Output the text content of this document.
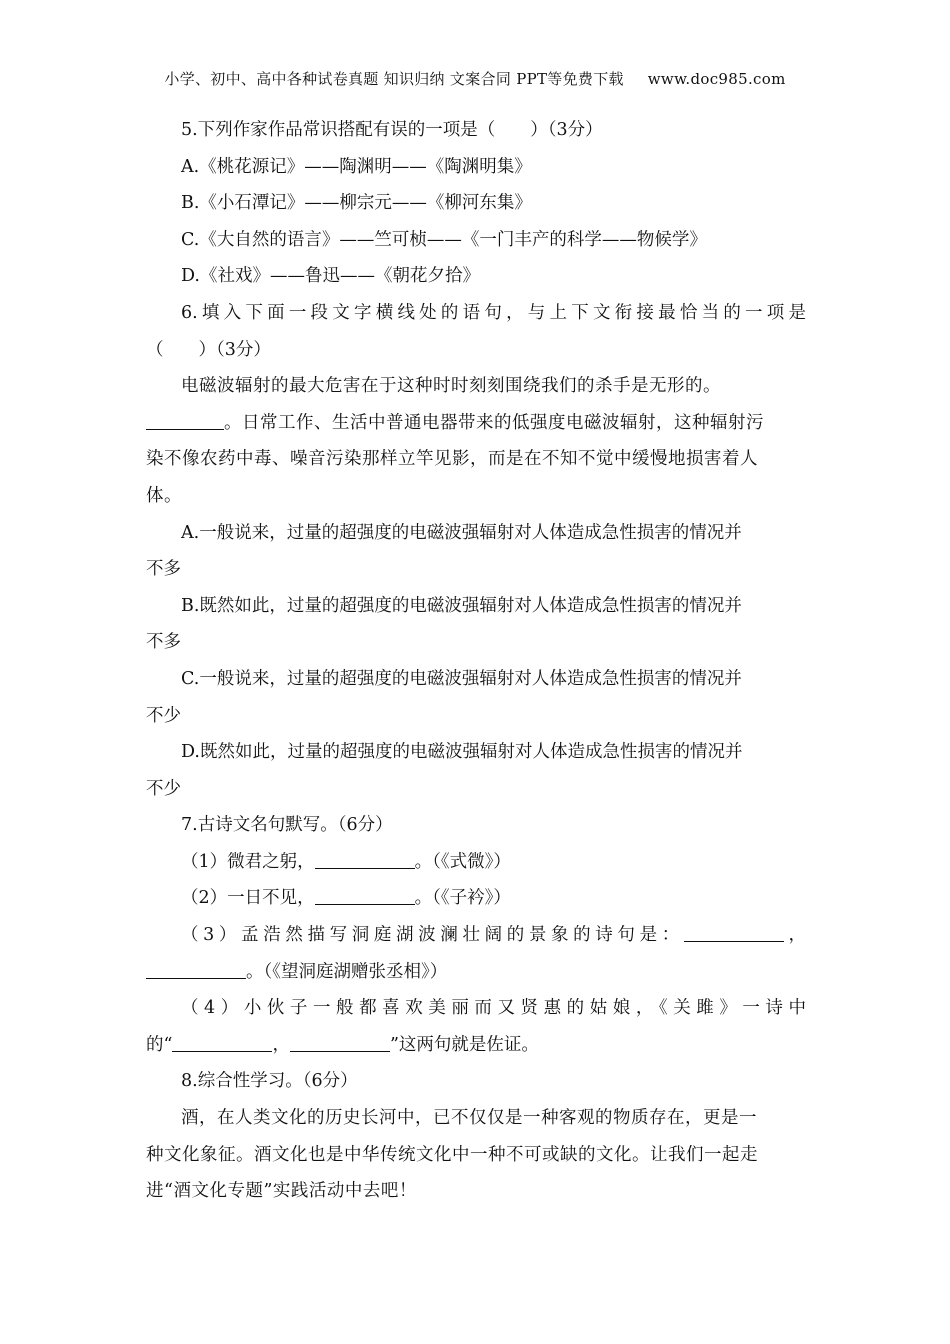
小学、初中、高中各种试卷真题 知识归纳 文案合同 PPT等免费下载 www.doc985.com
5.下列作家作品常识搭配有误的一项是（　　）（3分）
A.《桃花源记》——陶渊明——《陶渊明集》
B.《小石潭记》——柳宗元——《柳河东集》
C.《大自然的语言》——竺可桢——《一门丰产的科学——物候学》
D.《社戏》——鲁迅——《朝花夕拾》
6.填入下面一段文字横线处的语句，与上下文衔接最恰当的一项是
（　　）（3分）
电磁波辐射的最大危害在于这种时时刻刻围绕我们的杀手是无形的。
。日常工作、生活中普通电器带来的低强度电磁波辐射，这种辐射污
染不像农药中毒、噪音污染那样立竿见影，而是在不知不觉中缓慢地损害着人
体。
A.一般说来，过量的超强度的电磁波强辐射对人体造成急性损害的情况并
不多
B.既然如此，过量的超强度的电磁波强辐射对人体造成急性损害的情况并
不多
C.一般说来，过量的超强度的电磁波强辐射对人体造成急性损害的情况并
不少
D.既然如此，过量的超强度的电磁波强辐射对人体造成急性损害的情况并
不少
7.古诗文名句默写。（6分）
（1）微君之躬，	。（《式微》）
（2）一日不见，	。（《子衿》）
（3）孟浩然描写洞庭湖波澜壮阔的景象的诗句是：	，
。（《望洞庭湖赠张丞相》）
（4）小伙子一般都喜欢美丽而又贤惠的姑娘，《关雎》一诗中
的“	，	”这两句就是佐证。
8.综合性学习。（6分）
酒，在人类文化的历史长河中，已不仅仅是一种客观的物质存在，更是一
种文化象征。酒文化也是中华传统文化中一种不可或缺的文化。让我们一起走
进“酒文化专题”实践活动中去吧！
